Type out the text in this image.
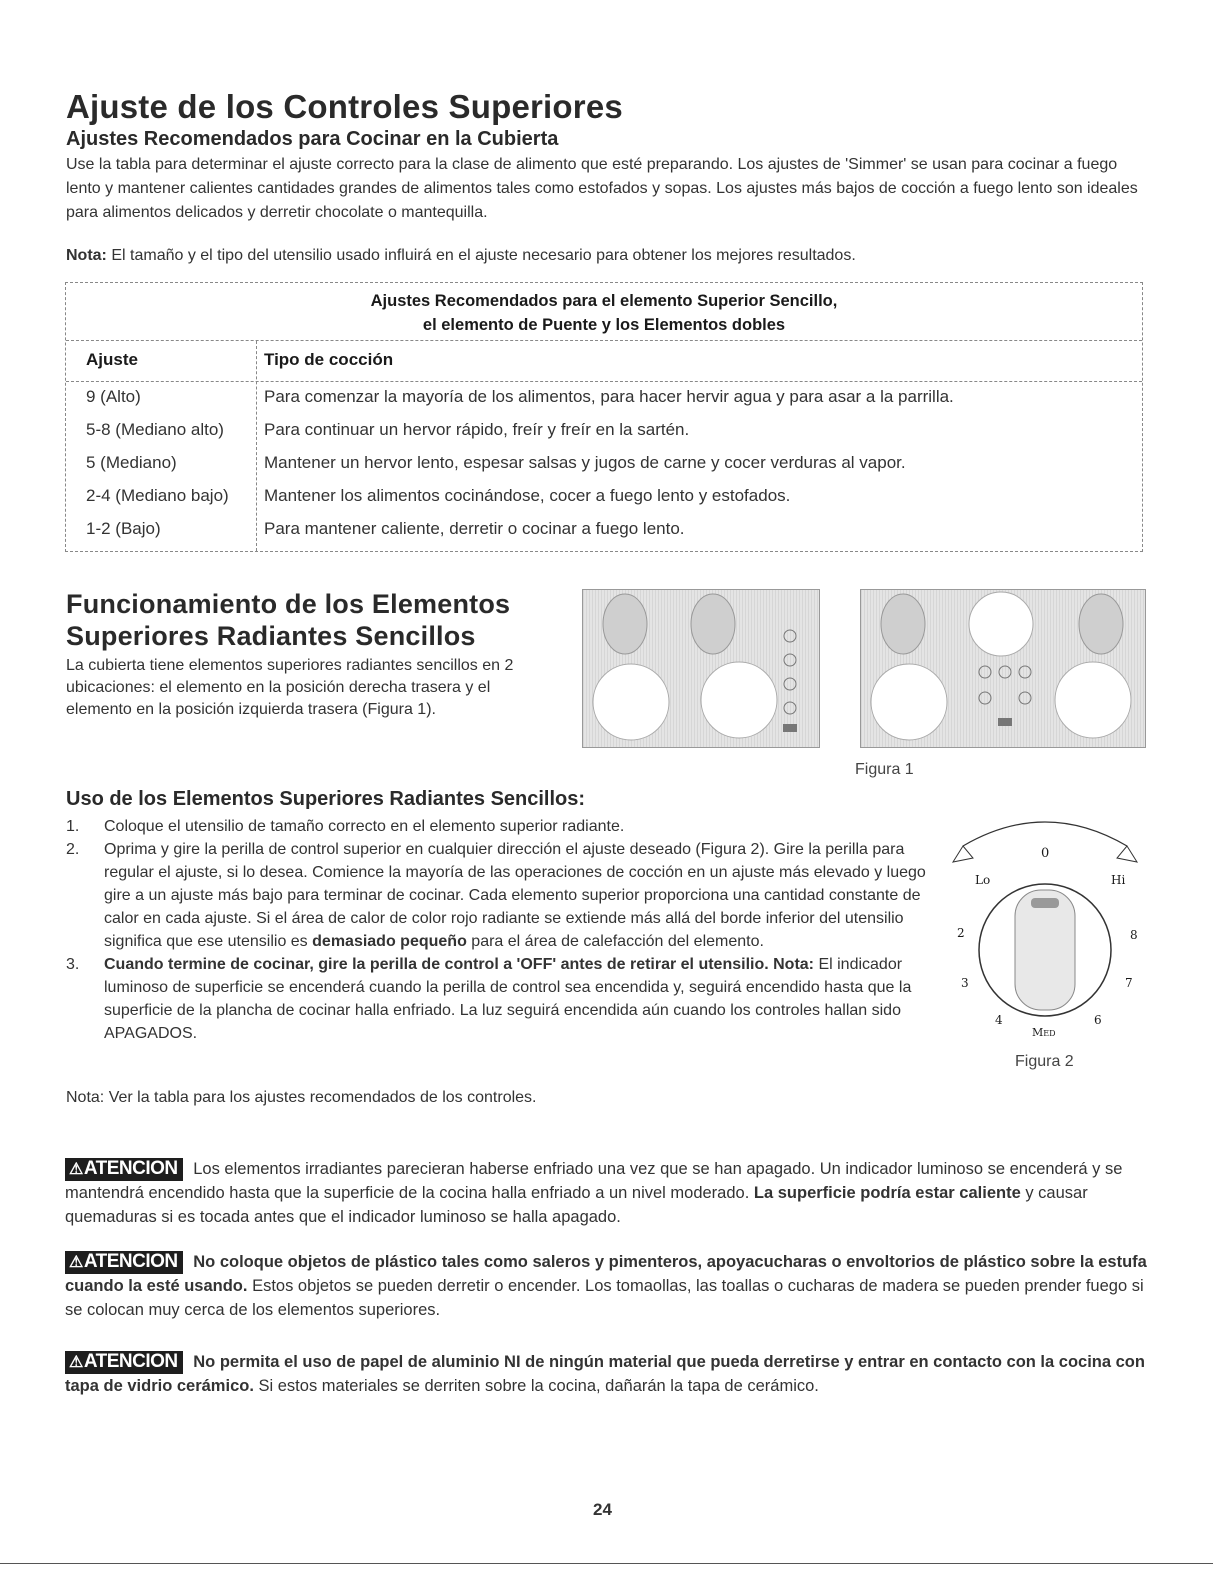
Ajuste de los Controles Superiores
Ajustes Recomendados para Cocinar en la Cubierta

Use la tabla para determinar el ajuste correcto para la clase de alimento que esté preparando. Los ajustes de 'Simmer' se usan para cocinar a fuego lento y mantener calientes cantidades grandes de alimentos tales como estofados y sopas. Los ajustes más bajos de cocción a fuego lento son ideales para alimentos delicados y derretir chocolate o mantequilla.

Nota: El tamaño y el tipo del utensilio usado influirá en el ajuste necesario para obtener los mejores resultados.

Ajustes Recomendados para el elemento Superior Sencillo,
el elemento de Puente y los Elementos dobles
Ajuste	Tipo de cocción
9 (Alto)	Para comenzar la mayoría de los alimentos, para hacer hervir agua y para asar a la parrilla.
5-8 (Mediano alto) Para continuar un hervor rápido, freír y freír en la sartén.
5 (Mediano)	Mantener un hervor lento, espesar salsas y jugos de carne y cocer verduras al vapor.
2-4 (Mediano bajo) Mantener los alimentos cocinándose, cocer a fuego lento y estofados.
1-2 (Bajo)	Para mantener caliente, derretir o cocinar a fuego lento.
Funcionamiento de los Elementos
Superiores Radiantes Sencillos

La cubierta tiene elementos superiores radiantes sencillos en 2 ubicaciones: el elemento en la posición derecha trasera y el elemento en la posición izquierda trasera (Figura 1).

Figura 1
Uso de los Elementos Superiores Radiantes Sencillos:
1. Coloque el utensilio de tamaño correcto en el elemento superior radiante.
2. Oprima y gire la perilla de control superior en cualquier dirección el ajuste deseado (Figura 2). Gire la perilla para regular el ajuste, si lo desea. Comience la mayoría de las operaciones de cocción en un ajuste más elevado y luego gire a un ajuste más bajo para terminar de cocinar. Cada elemento superior proporciona una cantidad constante de calor en cada ajuste. Si el área de calor de color rojo radiante se extiende más allá del borde inferior del utensilio significa que ese utensilio es demasiado pequeño para el área de calefacción del elemento.
3. Cuando termine de cocinar, gire la perilla de control a 'OFF' antes de retirar el utensilio. Nota: El indicador luminoso de superficie se encenderá cuando la perilla de control sea encendida y, seguirá encendido hasta que la superficie de la plancha de cocinar halla enfriado. La luz seguirá encendida aún cuando los controles hallan sido APAGADOS.

Nota: Ver la tabla para los ajustes recomendados de los controles.

0
Lo	Hi
2	8
3	7
4	6
Med
Figura 2
⚠ATENCION Los elementos irradiantes parecieran haberse enfriado una vez que se han apagado. Un indicador luminoso se encenderá y se mantendrá encendido hasta que la superficie de la cocina halla enfriado a un nivel moderado. La superficie podría estar caliente y causar quemaduras si es tocada antes que el indicador luminoso se halla apagado.
⚠ATENCION No coloque objetos de plástico tales como saleros y pimenteros, apoyacucharas o envoltorios de plástico sobre la estufa cuando la esté usando. Estos objetos se pueden derretir o encender. Los tomaollas, las toallas o cucharas de madera se pueden prender fuego si se colocan muy cerca de los elementos superiores.
⚠ATENCION No permita el uso de papel de aluminio NI de ningún material que pueda derretirse y entrar en contacto con la cocina con tapa de vidrio cerámico. Si estos materiales se derriten sobre la cocina, dañarán la tapa de cerámico.
24
